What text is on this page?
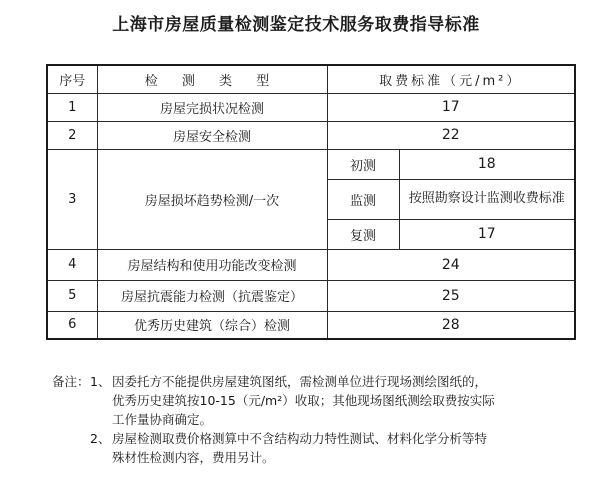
上海市房屋质量检测鉴定技术服务取费指导标准
序号	检 测 类 型	取费标准（元/m²）	
1	房屋完损状况检测	17	
2	房屋安全检测	22	
3	房屋损坏趋势检测/一次	初测	18
		监测	按照勘察设计监测收费标准
		复测	17
4	房屋结构和使用功能改变检测	24	
5	房屋抗震能力检测（抗震鉴定）	25	
6	优秀历史建筑（综合）检测	28	
备注： 1、 因委托方不能提供房屋建筑图纸，需检测单位进行现场测绘图纸的，
优秀历史建筑按10-15（元/m²）收取；其他现场图纸测绘取费按实际
工作量协商确定。
2、 房屋检测取费价格测算中不含结构动力特性测试、材料化学分析等特
殊材性检测内容，费用另计。
